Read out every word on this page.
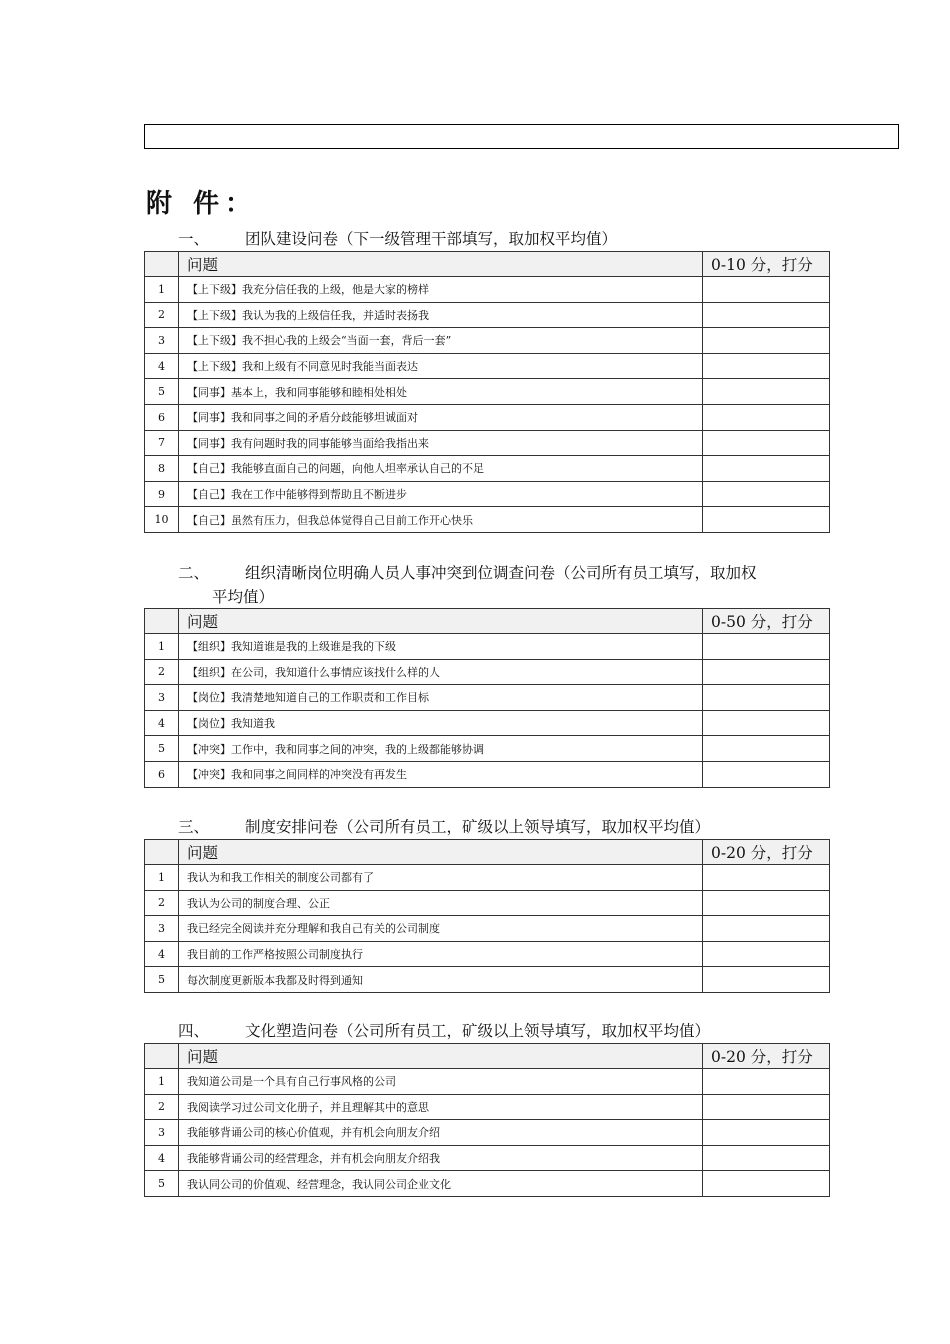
附 件：
一、 团队建设问卷（下一级管理干部填写，取加权平均值）
	问题	0-10 分，打分
1	【上下级】我充分信任我的上级，他是大家的榜样	
2	【上下级】我认为我的上级信任我，并适时表扬我	
3	【上下级】我不担心我的上级会“当面一套，背后一套”	
4	【上下级】我和上级有不同意见时我能当面表达	
5	【同事】基本上，我和同事能够和睦相处相处	
6	【同事】我和同事之间的矛盾分歧能够坦诚面对	
7	【同事】我有问题时我的同事能够当面给我指出来	
8	【自己】我能够直面自己的问题，向他人坦率承认自己的不足	
9	【自己】我在工作中能够得到帮助且不断进步	
10	【自己】虽然有压力，但我总体觉得自己目前工作开心快乐	
二、 组织清晰岗位明确人员人事冲突到位调查问卷（公司所有员工填写，取加权
平均值）
	问题	0-50 分，打分
1	【组织】我知道谁是我的上级谁是我的下级	
2	【组织】在公司，我知道什么事情应该找什么样的人	
3	【岗位】我清楚地知道自己的工作职责和工作目标	
4	【岗位】我知道我	
5	【冲突】工作中，我和同事之间的冲突，我的上级都能够协调	
6	【冲突】我和同事之间同样的冲突没有再发生	
三、 制度安排问卷（公司所有员工，矿级以上领导填写，取加权平均值）
	问题	0-20 分，打分
1	我认为和我工作相关的制度公司都有了	
2	我认为公司的制度合理、公正	
3	我已经完全阅读并充分理解和我自己有关的公司制度	
4	我目前的工作严格按照公司制度执行	
5	每次制度更新版本我都及时得到通知	
四、 文化塑造问卷（公司所有员工，矿级以上领导填写，取加权平均值）
	问题	0-20 分，打分
1	我知道公司是一个具有自己行事风格的公司	
2	我阅读学习过公司文化册子，并且理解其中的意思	
3	我能够背诵公司的核心价值观，并有机会向朋友介绍	
4	我能够背诵公司的经营理念，并有机会向朋友介绍我	
5	我认同公司的价值观、经营理念，我认同公司企业文化	
